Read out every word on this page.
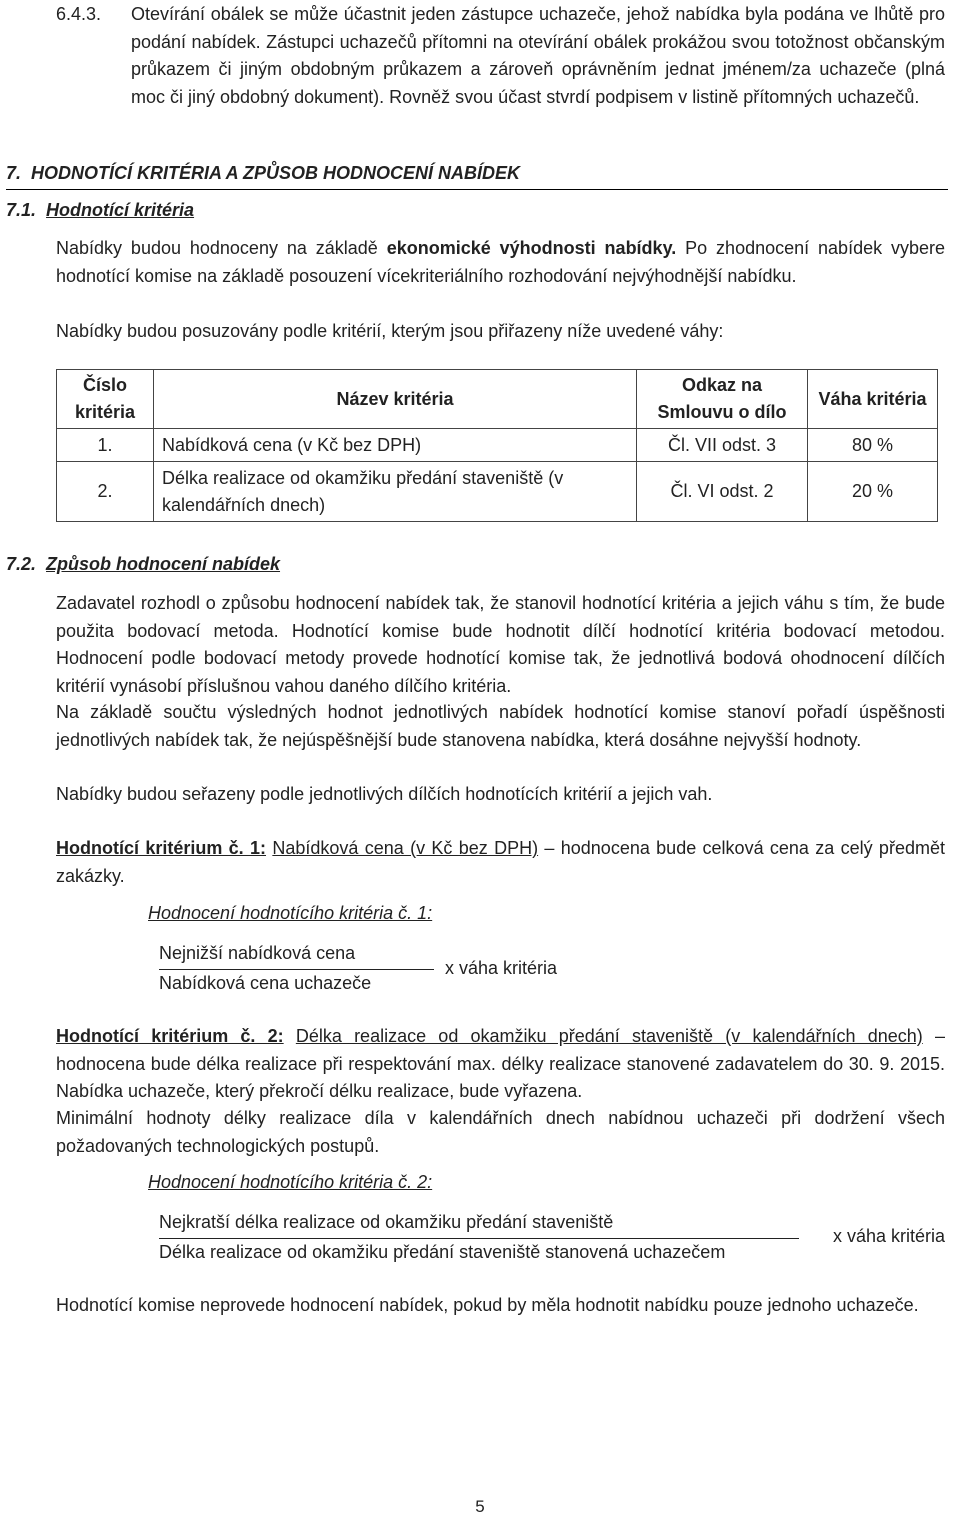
6.4.3. Otevírání obálek se může účastnit jeden zástupce uchazeče, jehož nabídka byla podána ve lhůtě pro podání nabídek. Zástupci uchazečů přítomni na otevírání obálek prokážou svou totožnost občanským průkazem či jiným obdobným průkazem a zároveň oprávněním jednat jménem/za uchazeče (plná moc či jiný obdobný dokument). Rovněž svou účast stvrdí podpisem v listině přítomných uchazečů.
7. HODNOTÍCÍ KRITÉRIA A ZPŮSOB HODNOCENÍ NABÍDEK
7.1. Hodnotící kritéria
Nabídky budou hodnoceny na základě ekonomické výhodnosti nabídky. Po zhodnocení nabídek vybere hodnotící komise na základě posouzení vícekriteriálního rozhodování nejvýhodnější nabídku.
Nabídky budou posuzovány podle kritérií, kterým jsou přiřazeny níže uvedené váhy:
Číslo kritéria	Název kritéria	Odkaz na Smlouvu o dílo	Váha kritéria
1.	Nabídková cena (v Kč bez DPH)	Čl. VII odst. 3	80 %
2.	Délka realizace od okamžiku předání staveniště (v kalendářních dnech)	Čl. VI odst. 2	20 %
7.2. Způsob hodnocení nabídek
Zadavatel rozhodl o způsobu hodnocení nabídek tak, že stanovil hodnotící kritéria a jejich váhu s tím, že bude použita bodovací metoda. Hodnotící komise bude hodnotit dílčí hodnotící kritéria bodovací metodou. Hodnocení podle bodovací metody provede hodnotící komise tak, že jednotlivá bodová ohodnocení dílčích kritérií vynásobí příslušnou vahou daného dílčího kritéria.
Na základě součtu výsledných hodnot jednotlivých nabídek hodnotící komise stanoví pořadí úspěšnosti jednotlivých nabídek tak, že nejúspěšnější bude stanovena nabídka, která dosáhne nejvyšší hodnoty.
Nabídky budou seřazeny podle jednotlivých dílčích hodnotících kritérií a jejich vah.
Hodnotící kritérium č. 1: Nabídková cena (v Kč bez DPH) – hodnocena bude celková cena za celý předmět zakázky.
Hodnocení hodnotícího kritéria č. 1:
Nejnižší nabídková cena
Nabídková cena uchazeče
x váha kritéria
Hodnotící kritérium č. 2: Délka realizace od okamžiku předání staveniště (v kalendářních dnech) – hodnocena bude délka realizace při respektování max. délky realizace stanovené zadavatelem do 30. 9. 2015. Nabídka uchazeče, který překročí délku realizace, bude vyřazena.
Minimální hodnoty délky realizace díla v kalendářních dnech nabídnou uchazeči při dodržení všech požadovaných technologických postupů.
Hodnocení hodnotícího kritéria č. 2:
Nejkratší délka realizace od okamžiku předání staveniště
Délka realizace od okamžiku předání staveniště stanovená uchazečem
x váha kritéria
Hodnotící komise neprovede hodnocení nabídek, pokud by měla hodnotit nabídku pouze jednoho uchazeče.
5
